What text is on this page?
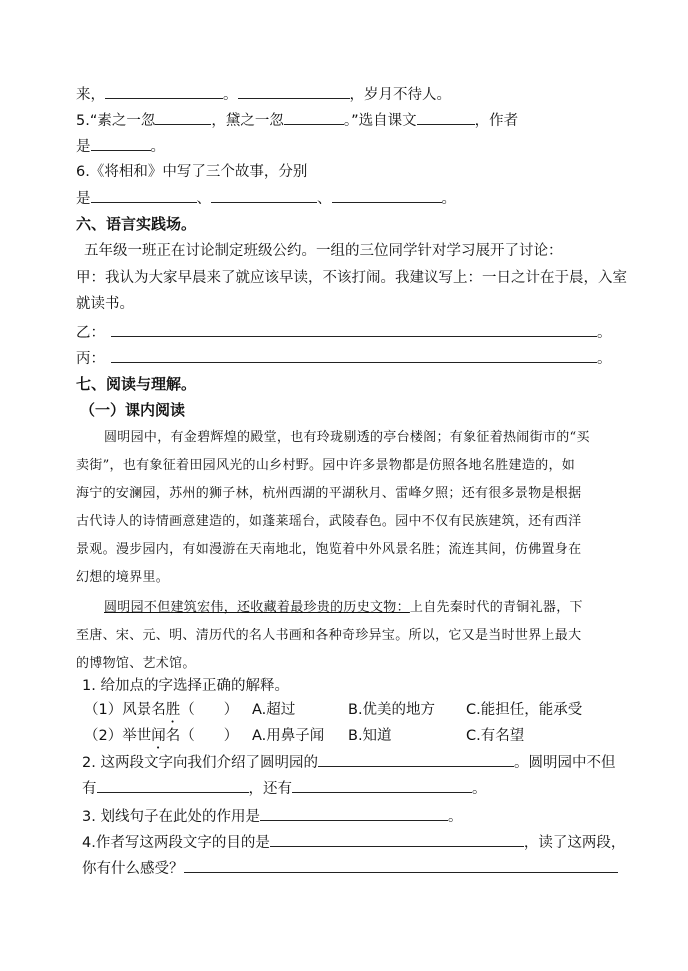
来，	。	，岁月不待人。
5.“素之一忽	，黛之一忽	。”选自课文	，作者
是	。
6.《将相和》中写了三个故事，分别
是	、	、	。
六、语言实践场。
五年级一班正在讨论制定班级公约。一组的三位同学针对学习展开了讨论：
甲：我认为大家早晨来了就应该早读，不该打闹。我建议写上：一日之计在于晨，入室
就读书。
乙：	。
丙：	。
七、阅读与理解。
（一）课内阅读
圆明园中，有金碧辉煌的殿堂，也有玲珑剔透的亭台楼阁；有象征着热闹街市的“买
卖街”，也有象征着田园风光的山乡村野。园中许多景物都是仿照各地名胜建造的，如
海宁的安澜园，苏州的狮子林，杭州西湖的平湖秋月、雷峰夕照；还有很多景物是根据
古代诗人的诗情画意建造的，如蓬莱瑶台，武陵春色。园中不仅有民族建筑，还有西洋
景观。漫步园内，有如漫游在天南地北，饱览着中外风景名胜；流连其间，仿佛置身在
幻想的境界里。
圆明园不但建筑宏伟，还收藏着最珍贵的历史文物：上自先秦时代的青铜礼器，下
至唐、宋、元、明、清历代的名人书画和各种奇珍异宝。所以，它又是当时世界上最大
的博物馆、艺术馆。
1. 给加点的字选择正确的解释。
（1）风景名胜（　　） A.超过	B.优美的地方 C.能担任，能承受
（2）举世闻名（　　） A.用鼻子闻 B.知道	C.有名望
2. 这两段文字向我们介绍了圆明园的	。圆明园中不但
有	，还有	。
3. 划线句子在此处的作用是	。
4.作者写这两段文字的目的是	，读了这两段，
你有什么感受？
